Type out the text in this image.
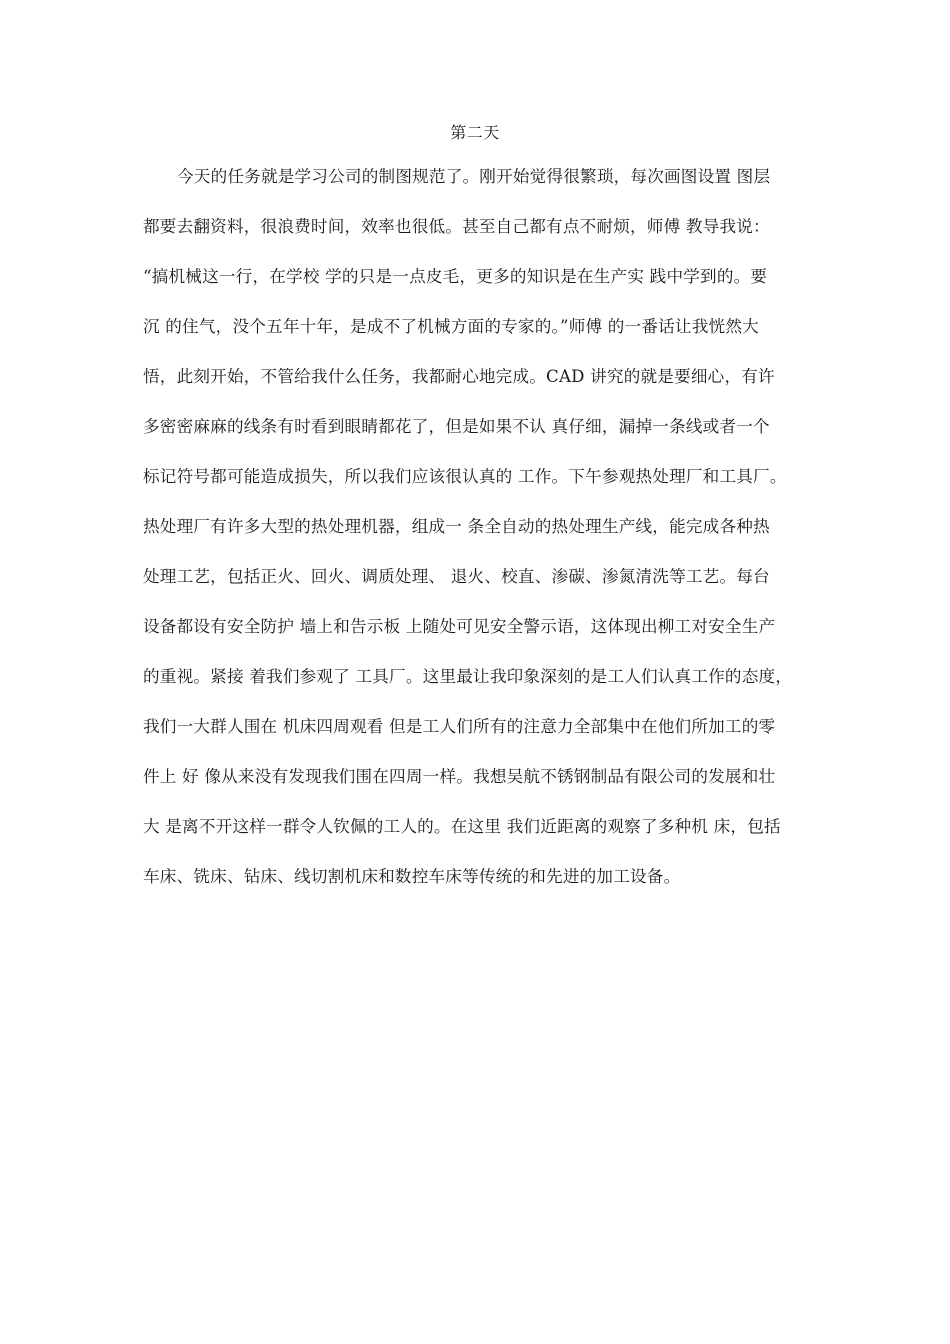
第二天
今天的任务就是学习公司的制图规范了。刚开始觉得很繁琐，每次画图设置 图层
都要去翻资料，很浪费时间，效率也很低。甚至自己都有点不耐烦，师傅 教导我说：
“搞机械这一行，在学校 学的只是一点皮毛，更多的知识是在生产实 践中学到的。要
沉 的住气，没个五年十年，是成不了机械方面的专家的。”师傅 的一番话让我恍然大
悟，此刻开始，不管给我什么任务，我都耐心地完成。CAD 讲究的就是要细心，有许
多密密麻麻的线条有时看到眼睛都花了，但是如果不认 真仔细，漏掉一条线或者一个
标记符号都可能造成损失，所以我们应该很认真的 工作。下午参观热处理厂和工具厂。
热处理厂有许多大型的热处理机器，组成一 条全自动的热处理生产线，能完成各种热
处理工艺，包括正火、回火、调质处理、 退火、校直、渗碳、渗氮清洗等工艺。每台
设备都设有安全防护 墙上和告示板 上随处可见安全警示语，这体现出柳工对安全生产
的重视。紧接 着我们参观了 工具厂。这里最让我印象深刻的是工人们认真工作的态度，
我们一大群人围在 机床四周观看 但是工人们所有的注意力全部集中在他们所加工的零
件上 好 像从来没有发现我们围在四周一样。我想吴航不锈钢制品有限公司的发展和壮
大 是离不开这样一群令人钦佩的工人的。在这里 我们近距离的观察了多种机 床，包括
车床、铣床、钻床、线切割机床和数控车床等传统的和先进的加工设备。
